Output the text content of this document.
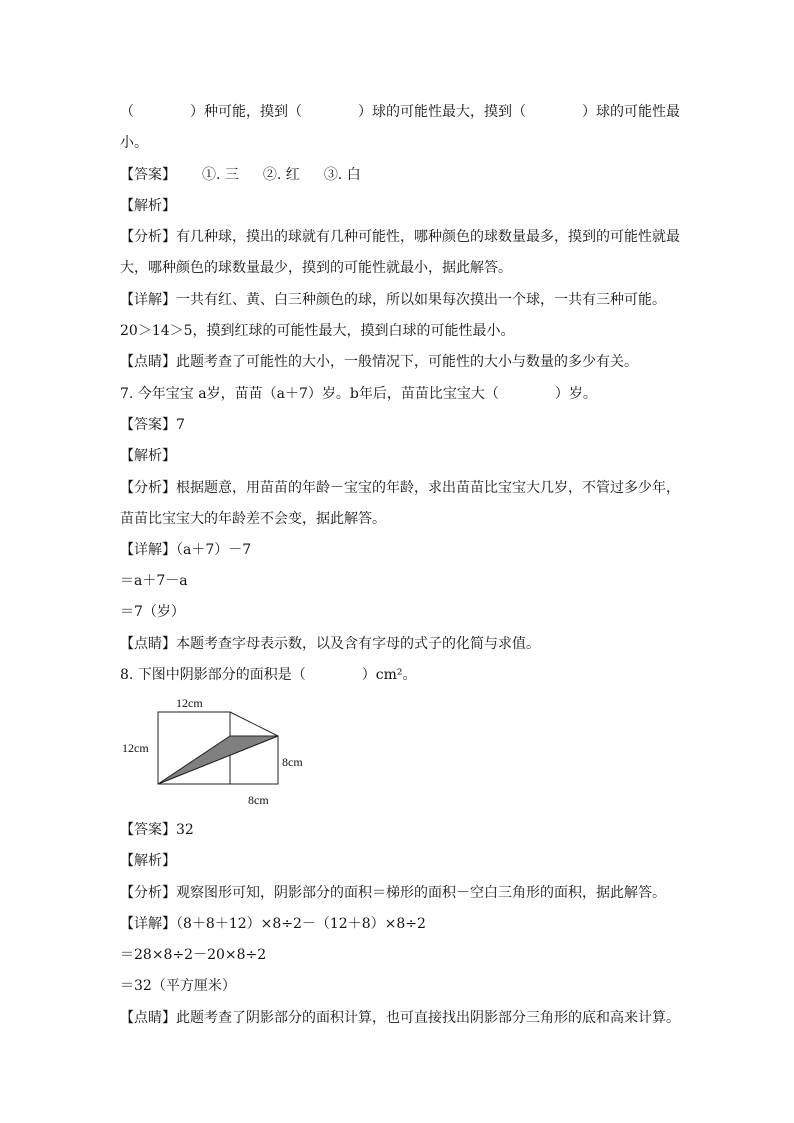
（　　　　）种可能，摸到（　　　　）球的可能性最大，摸到（　　　　）球的可能性最
小。
【答案】 ①. 三 ②. 红 ③. 白
【解析】
【分析】有几种球，摸出的球就有几种可能性，哪种颜色的球数量最多，摸到的可能性就最
大，哪种颜色的球数量最少，摸到的可能性就最小，据此解答。
【详解】一共有红、黄、白三种颜色的球，所以如果每次摸出一个球，一共有三种可能。
20＞14＞5，摸到红球的可能性最大，摸到白球的可能性最小。
【点睛】此题考查了可能性的大小，一般情况下，可能性的大小与数量的多少有关。
7. 今年宝宝 a岁，苗苗（a＋7）岁。b年后，苗苗比宝宝大（　　　　）岁。
【答案】7
【解析】
【分析】根据题意，用苗苗的年龄－宝宝的年龄，求出苗苗比宝宝大几岁，不管过多少年，
苗苗比宝宝大的年龄差不会变，据此解答。
【详解】（a＋7）－7
＝a＋7－a
＝7（岁）
【点睛】本题考查字母表示数，以及含有字母的式子的化简与求值。
8. 下图中阴影部分的面积是（　　　　）cm²。
12cm
12cm
8cm
8cm
【答案】32
【解析】
【分析】观察图形可知，阴影部分的面积＝梯形的面积－空白三角形的面积，据此解答。
【详解】（8＋8＋12）×8÷2－（12＋8）×8÷2
＝28×8÷2－20×8÷2
＝32（平方厘米）
【点睛】此题考查了阴影部分的面积计算，也可直接找出阴影部分三角形的底和高来计算。
